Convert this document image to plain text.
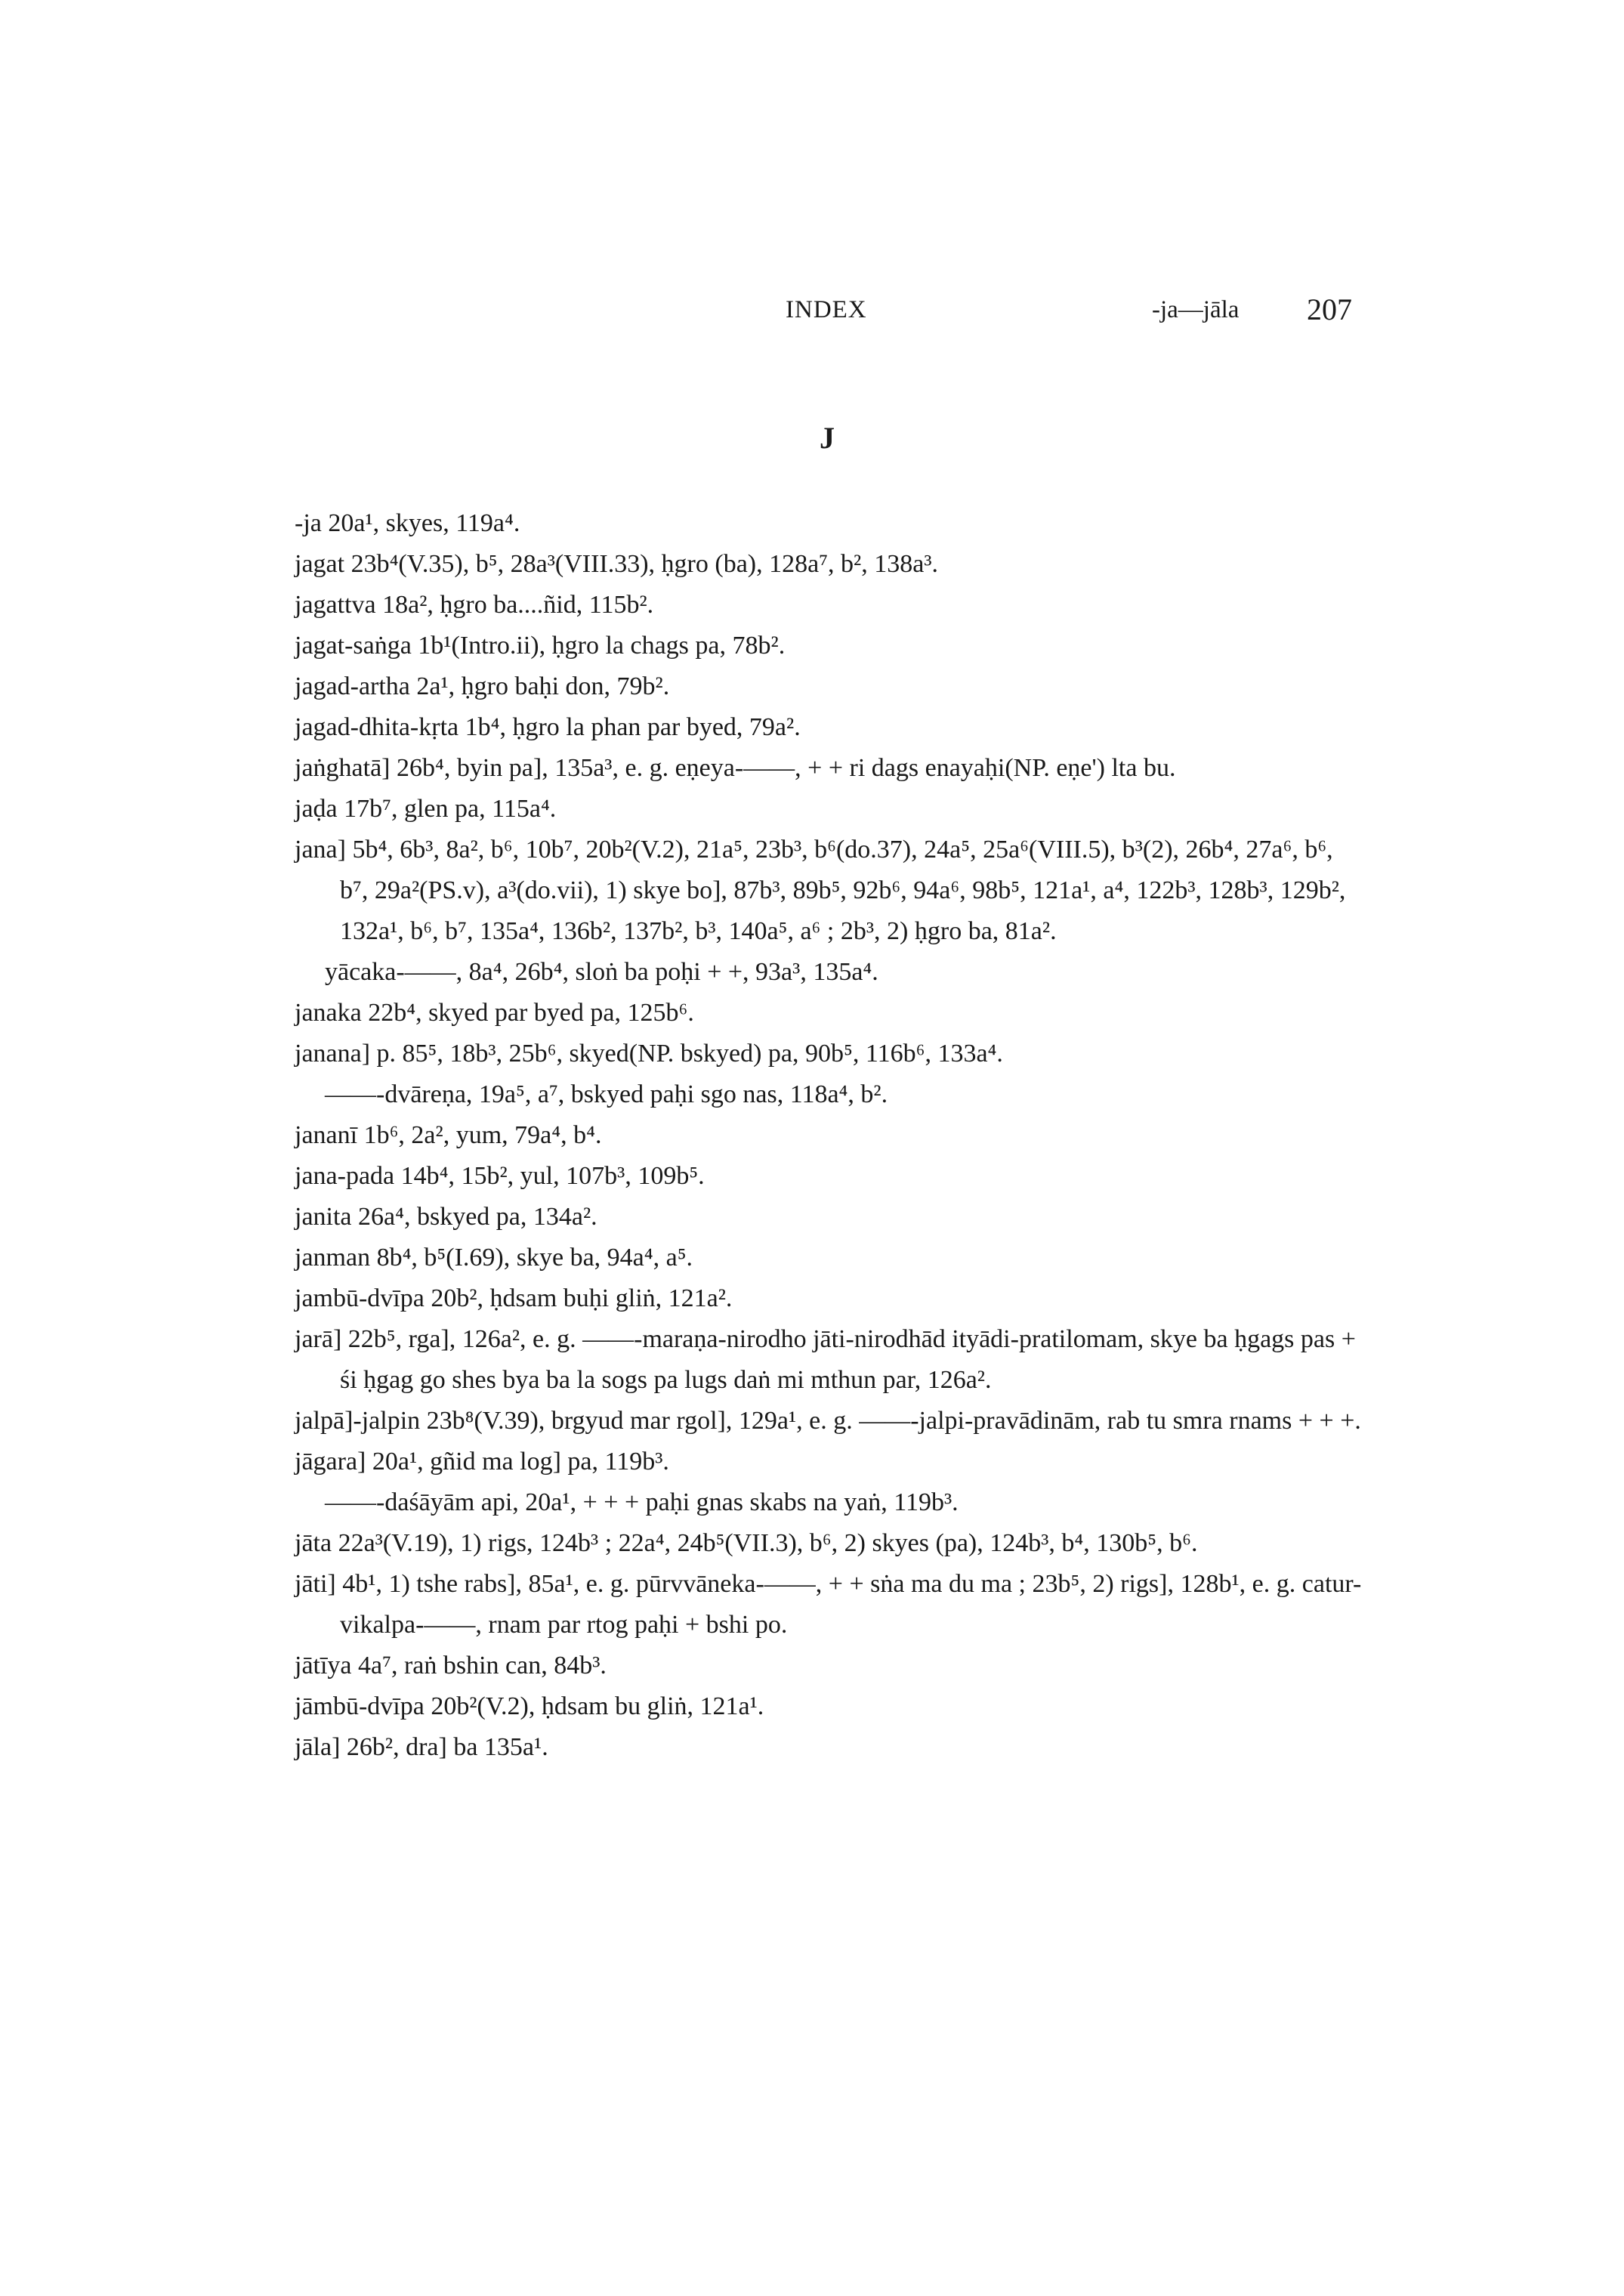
INDEX	-ja—jāla 207
J

-ja 20a¹, skyes, 119a⁴.

jagat 23b⁴(V.35), b⁵, 28a³(VIII.33), ḥgro (ba), 128a⁷, b², 138a³.

jagattva 18a², ḥgro ba....ñid, 115b².

jagat-saṅga 1b¹(Intro.ii), ḥgro la chags pa, 78b².

jagad-artha 2a¹, ḥgro baḥi don, 79b².

jagad-dhita-kṛta 1b⁴, ḥgro la phan par byed, 79a².

jaṅghatā] 26b⁴, byin pa], 135a³, e. g. eṇeya-——, + + ri dags enayaḥi(NP. eṇe') lta bu.

jaḍa 17b⁷, glen pa, 115a⁴.

jana] 5b⁴, 6b³, 8a², b⁶, 10b⁷, 20b²(V.2), 21a⁵, 23b³, b⁶(do.37), 24a⁵, 25a⁶(VIII.5), b³(2), 26b⁴, 27a⁶, b⁶, b⁷, 29a²(PS.v), a³(do.vii), 1) skye bo], 87b³, 89b⁵, 92b⁶, 94a⁶, 98b⁵, 121a¹, a⁴, 122b³, 128b³, 129b², 132a¹, b⁶, b⁷, 135a⁴, 136b², 137b², b³, 140a⁵, a⁶ ; 2b³, 2) ḥgro ba, 81a².

yācaka-——, 8a⁴, 26b⁴, sloṅ ba poḥi + +, 93a³, 135a⁴.

janaka 22b⁴, skyed par byed pa, 125b⁶.

janana] p. 85⁵, 18b³, 25b⁶, skyed(NP. bskyed) pa, 90b⁵, 116b⁶, 133a⁴.

——-dvāreṇa, 19a⁵, a⁷, bskyed paḥi sgo nas, 118a⁴, b².

jananī 1b⁶, 2a², yum, 79a⁴, b⁴.

jana-pada 14b⁴, 15b², yul, 107b³, 109b⁵.

janita 26a⁴, bskyed pa, 134a².

janman 8b⁴, b⁵(I.69), skye ba, 94a⁴, a⁵.

jambū-dvīpa 20b², ḥdsam buḥi gliṅ, 121a².

jarā] 22b⁵, rga], 126a², e. g. ——-maraṇa-nirodho jāti-nirodhād ityādi-pratilomam, skye ba ḥgags pas + śi ḥgag go shes bya ba la sogs pa lugs daṅ mi mthun par, 126a².

jalpā]-jalpin 23b⁸(V.39), brgyud mar rgol], 129a¹, e. g. ——-jalpi-pravādinām, rab tu smra rnams + + +.

jāgara] 20a¹, gñid ma log] pa, 119b³.

——-daśāyām api, 20a¹, + + + paḥi gnas skabs na yaṅ, 119b³.

jāta 22a³(V.19), 1) rigs, 124b³ ; 22a⁴, 24b⁵(VII.3), b⁶, 2) skyes (pa), 124b³, b⁴, 130b⁵, b⁶.

jāti] 4b¹, 1) tshe rabs], 85a¹, e. g. pūrvvāneka-——, + + sṅa ma du ma ; 23b⁵, 2) rigs], 128b¹, e. g. catur-vikalpa-——, rnam par rtog paḥi + bshi po.

jātīya 4a⁷, raṅ bshin can, 84b³.

jāmbū-dvīpa 20b²(V.2), ḥdsam bu gliṅ, 121a¹.

jāla] 26b², dra] ba 135a¹.
